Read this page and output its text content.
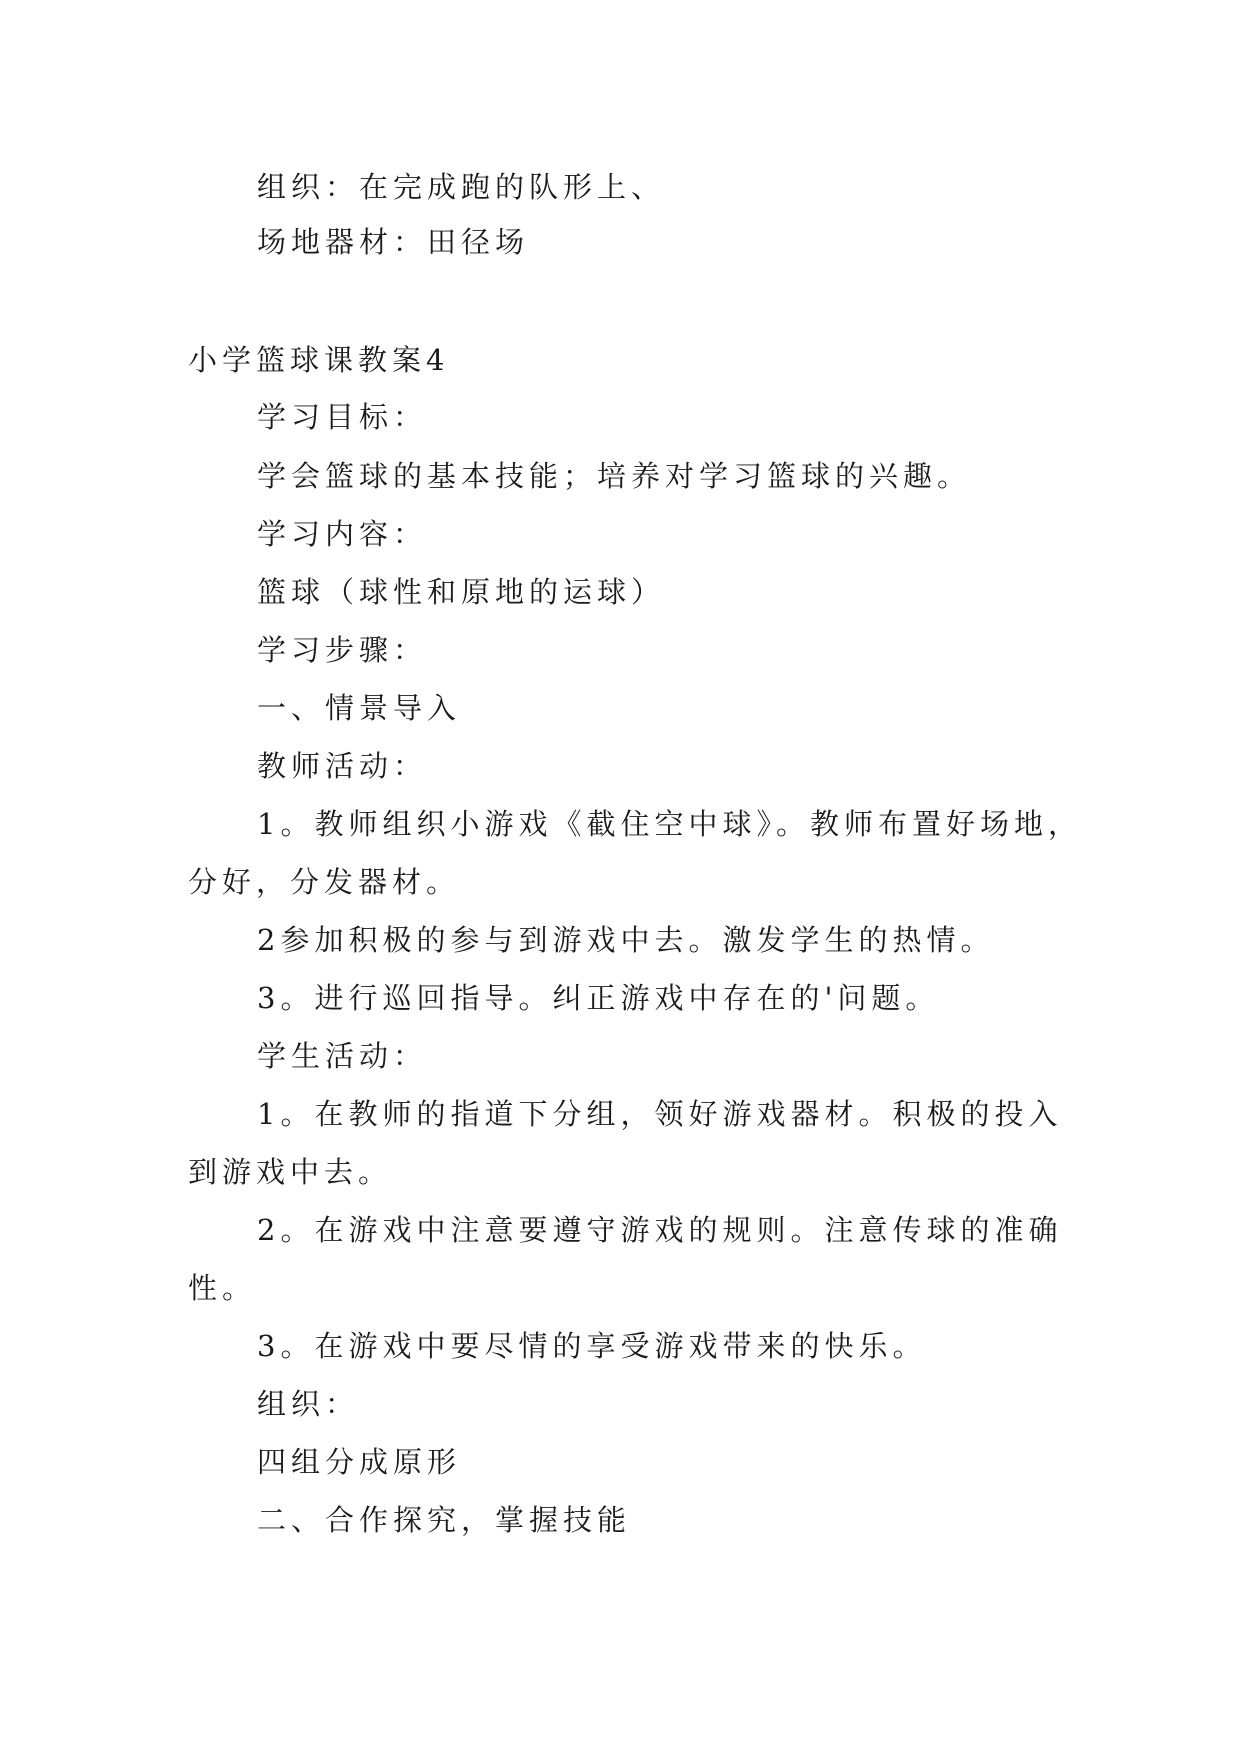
组织：在完成跑的队形上、
场地器材：田径场
小学篮球课教案4
学习目标：
学会篮球的基本技能；培养对学习篮球的兴趣。
学习内容：
篮球（球性和原地的运球）
学习步骤：
一、情景导入
教师活动：
1。教师组织小游戏《截住空中球》。教师布置好场地，
分好，分发器材。
2参加积极的参与到游戏中去。激发学生的热情。
3。进行巡回指导。纠正游戏中存在的'问题。
学生活动：
1。在教师的指道下分组，领好游戏器材。积极的投入
到游戏中去。
2。在游戏中注意要遵守游戏的规则。注意传球的准确
性。
3。在游戏中要尽情的享受游戏带来的快乐。
组织：
四组分成原形
二、合作探究，掌握技能
